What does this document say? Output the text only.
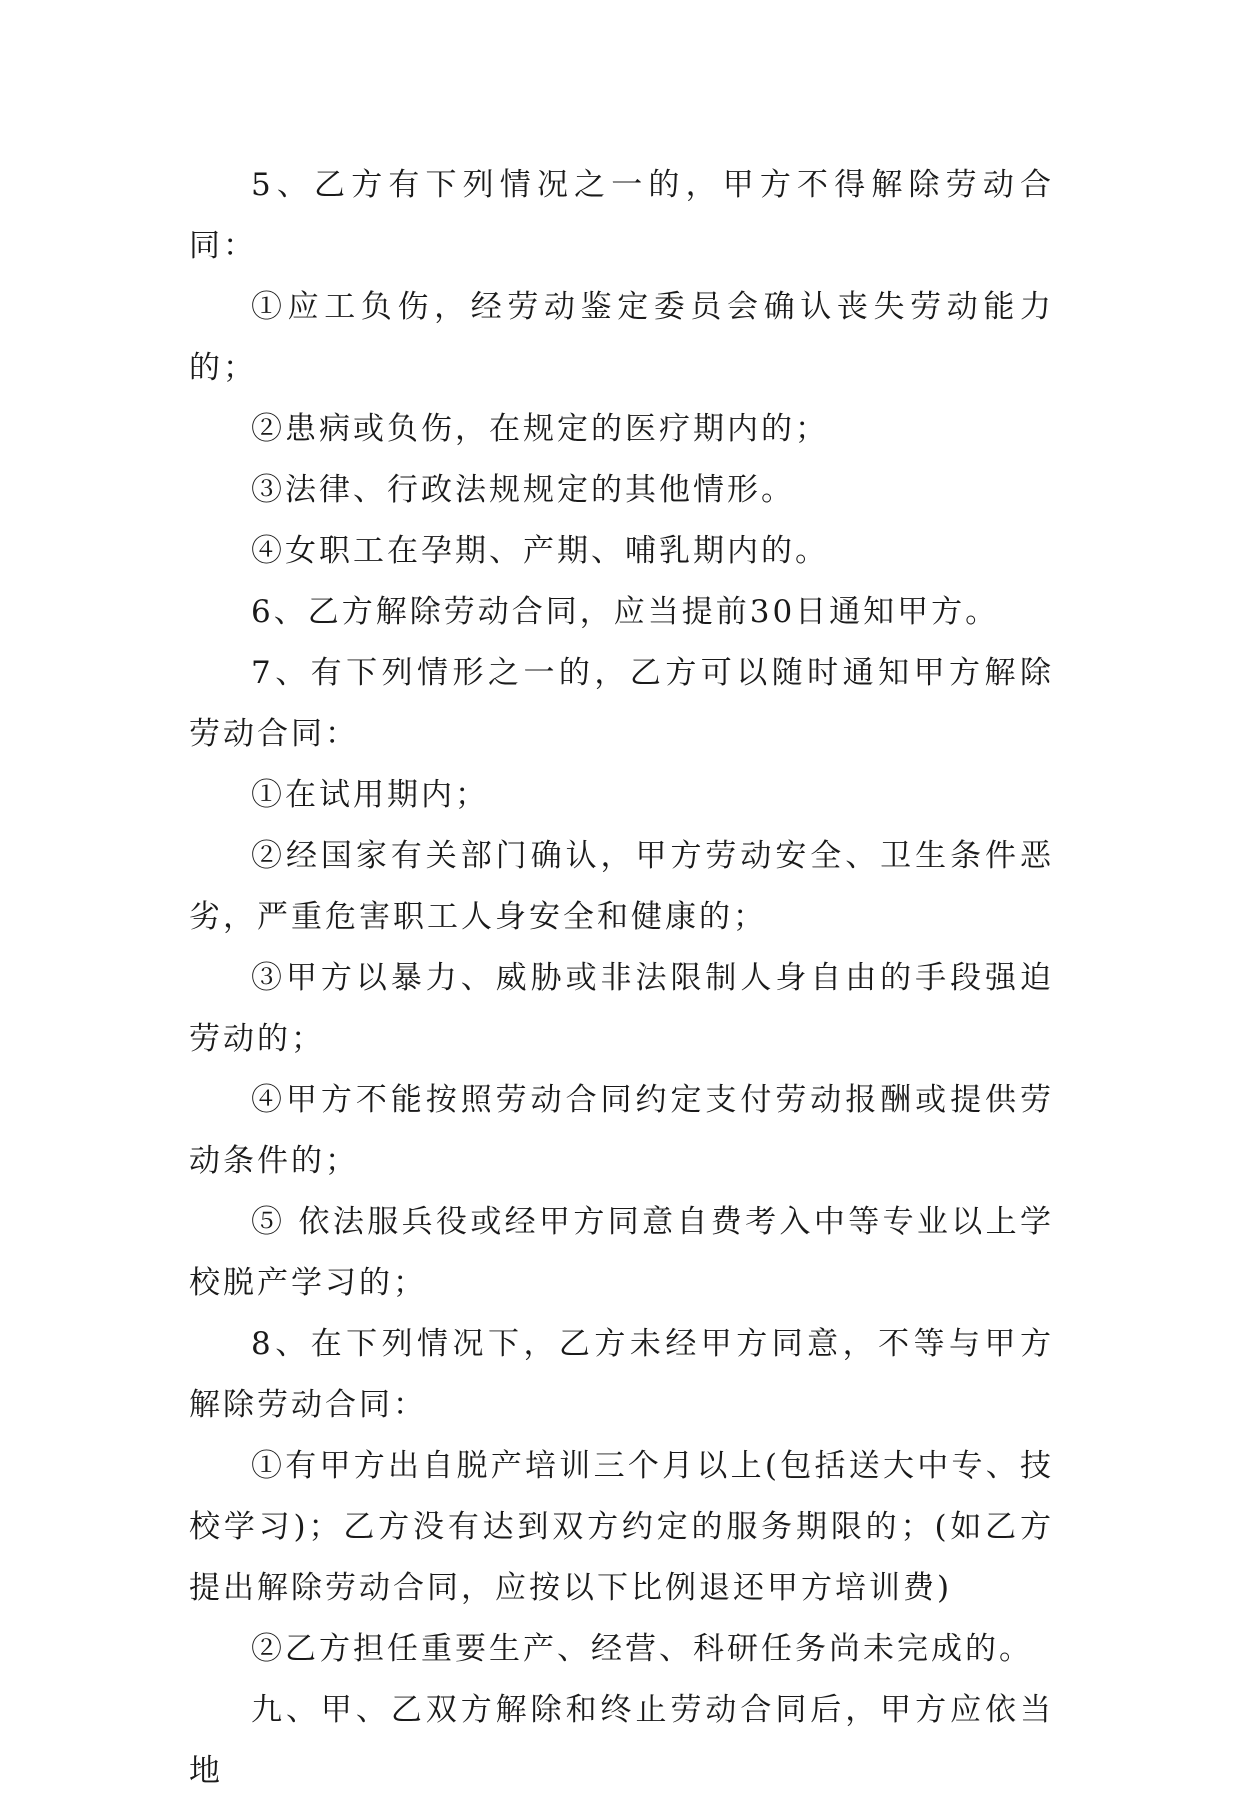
5、乙方有下列情况之一的，甲方不得解除劳动合同：

①应工负伤，经劳动鉴定委员会确认丧失劳动能力的；

②患病或负伤，在规定的医疗期内的；

③法律、行政法规规定的其他情形。

④女职工在孕期、产期、哺乳期内的。

6、乙方解除劳动合同，应当提前30日通知甲方。

7、有下列情形之一的，乙方可以随时通知甲方解除劳动合同：

①在试用期内；

②经国家有关部门确认，甲方劳动安全、卫生条件恶劣，严重危害职工人身安全和健康的；

③甲方以暴力、威胁或非法限制人身自由的手段强迫劳动的；

④甲方不能按照劳动合同约定支付劳动报酬或提供劳动条件的；

⑤ 依法服兵役或经甲方同意自费考入中等专业以上学校脱产学习的；

8、在下列情况下，乙方未经甲方同意，不等与甲方解除劳动合同：

①有甲方出自脱产培训三个月以上(包括送大中专、技校学习)；乙方没有达到双方约定的服务期限的；(如乙方提出解除劳动合同，应按以下比例退还甲方培训费)

②乙方担任重要生产、经营、科研任务尚未完成的。

九、甲、乙双方解除和终止劳动合同后，甲方应依当地
